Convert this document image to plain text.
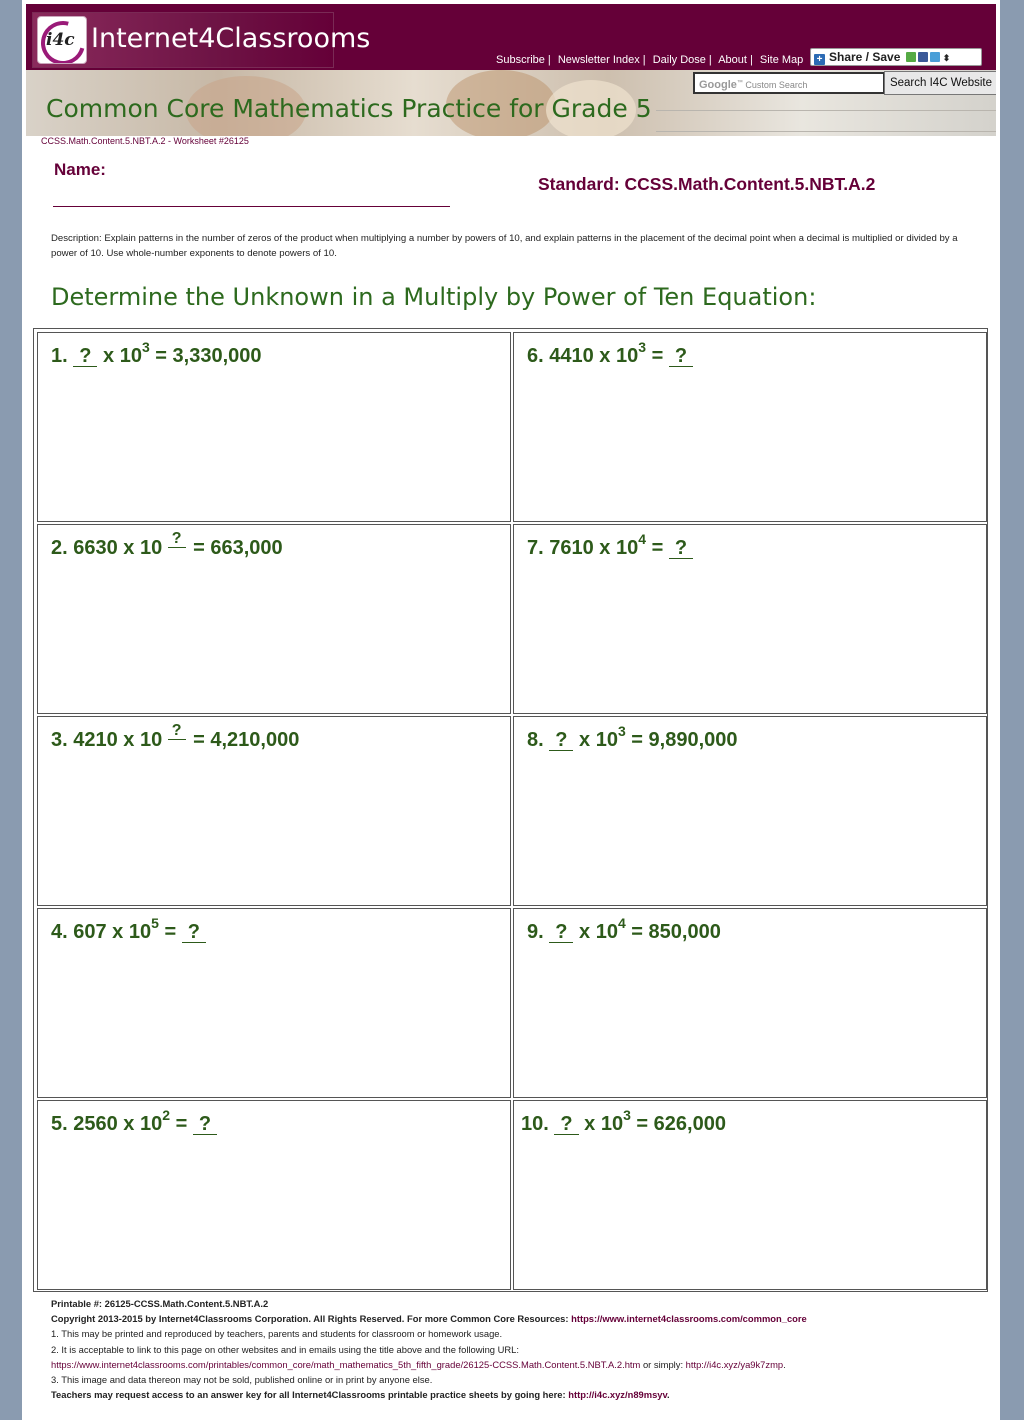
i4c Internet4Classrooms
Subscribe | Newsletter Index | Daily Dose | About | Site Map	+ Share / Save	⬍
Google™ Custom Search	Search I4C Website
Common Core Mathematics Practice for Grade 5
CCSS.Math.Content.5.NBT.A.2 - Worksheet #26125
Name:
Standard: CCSS.Math.Content.5.NBT.A.2
Description: Explain patterns in the number of zeros of the product when multiplying a number by powers of 10, and explain patterns in the placement of the decimal point when a decimal is multiplied or divided by a power of 10. Use whole-number exponents to denote powers of 10.
Determine the Unknown in a Multiply by Power of Ten Equation:
1. ? x $10^3 = 3,330,000$
2. 6630 x 10 ? = 663,000
3. 4210 x 10 ? = 4,210,000
4. 607 x $10^5$ = ?
5. 2560 x $10^2$ = ?
6. 4410 x $10^3$ = ?
7. 7610 x $10^4$ = ?
8. ? x $10^3 = 9,890,000$
9. ? x $10^4 = 850,000$
10. ? x $10^3 = 626,000$
Printable #: 26125-CCSS.Math.Content.5.NBT.A.2
Copyright 2013-2015 by Internet4Classrooms Corporation. All Rights Reserved. For more Common Core Resources: https://www.internet4classrooms.com/common_core
1. This may be printed and reproduced by teachers, parents and students for classroom or homework usage.
2. It is acceptable to link to this page on other websites and in emails using the title above and the following URL:
https://www.internet4classrooms.com/printables/common_core/math_mathematics_5th_fifth_grade/26125-CCSS.Math.Content.5.NBT.A.2.htm or simply: http://i4c.xyz/ya9k7zmp.
3. This image and data thereon may not be sold, published online or in print by anyone else.
Teachers may request access to an answer key for all Internet4Classrooms printable practice sheets by going here: http://i4c.xyz/n89msyv.
